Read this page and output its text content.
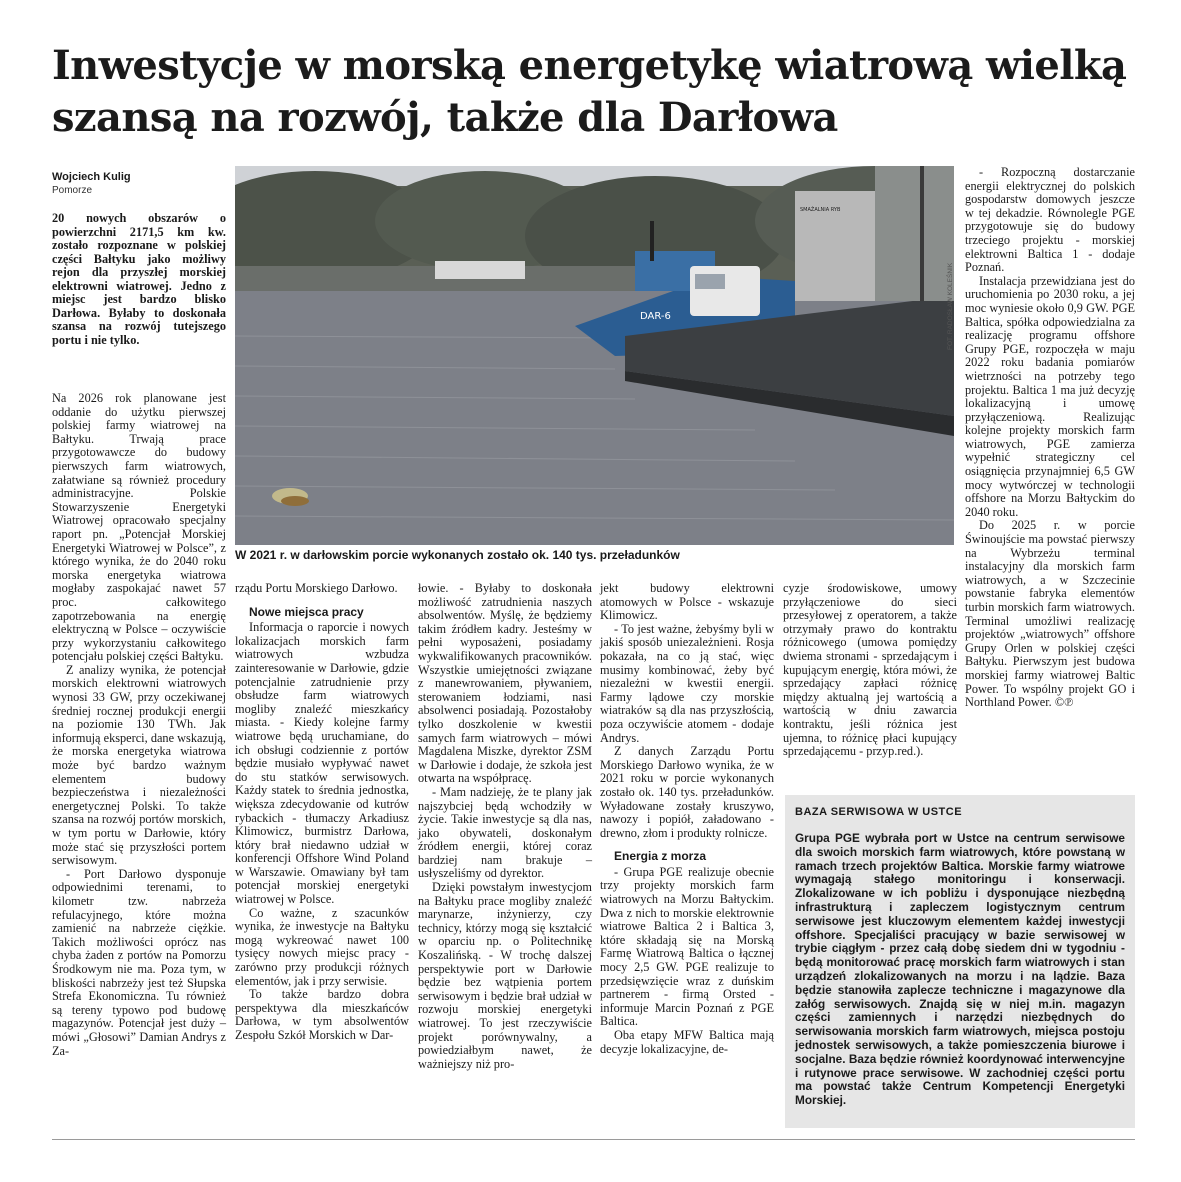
Inwestycje w morską energetykę wiatrową wielką szansą na rozwój, także dla Darłowa
Wojciech Kulig
Pomorze

20 nowych obszarów o powierzchni 2171,5 km kw. zostało rozpoznane w polskiej części Bałtyku jako możliwy rejon dla przyszłej morskiej elektrowni wiatrowej. Jedno z miejsc jest bardzo blisko Darłowa. Byłaby to doskonała szansa na rozwój tutejszego portu i nie tylko.

Na 2026 rok planowane jest oddanie do użytku pierwszej polskiej farmy wiatrowej na Bałtyku. Trwają prace przygotowawcze do budowy pierwszych farm wiatrowych, załatwiane są również procedury administracyjne. Polskie Stowarzyszenie Energetyki Wiatrowej opracowało specjalny raport pn. „Potencjał Morskiej Energetyki Wiatrowej w Polsce”, z którego wynika, że do 2040 roku morska energetyka wiatrowa mogłaby zaspokajać nawet 57 proc. całkowitego zapotrzebowania na energię elektryczną w Polsce – oczywiście przy wykorzystaniu całkowitego potencjału polskiej części Bałtyku.

Z analizy wynika, że potencjał morskich elektrowni wiatrowych wynosi 33 GW, przy oczekiwanej średniej rocznej produkcji energii na poziomie 130 TWh. Jak informują eksperci, dane wskazują, że morska energetyka wiatrowa może być bardzo ważnym elementem budowy bezpieczeństwa i niezależności energetycznej Polski. To także szansa na rozwój portów morskich, w tym portu w Darłowie, który może stać się przyszłości portem serwisowym.

- Port Darłowo dysponuje odpowiednimi terenami, to kilometr tzw. nabrzeża refulacyjnego, które można zamienić na nabrzeże ciężkie. Takich możliwości oprócz nas chyba żaden z portów na Pomorzu Środkowym nie ma. Poza tym, w bliskości nabrzeży jest też Słupska Strefa Ekonomiczna. Tu również są tereny typowo pod budowę magazynów. Potencjał jest duży – mówi „Głosowi” Damian Andrys z Za-

DAR-6
SMAŻALNIA RYB
FOT. RADOSŁAW KOLEŚNIK
W 2021 r. w darłowskim porcie wykonanych zostało ok. 140 tys. przeładunków

rządu Portu Morskiego Darłowo.

Nowe miejsca pracy

Informacja o raporcie i nowych lokalizacjach morskich farm wiatrowych wzbudza zainteresowanie w Darłowie, gdzie potencjalnie zatrudnienie przy obsłudze farm wiatrowych mogliby znaleźć mieszkańcy miasta. - Kiedy kolejne farmy wiatrowe będą uruchamiane, do ich obsługi codziennie z portów będzie musiało wypływać nawet do stu statków serwisowych. Każdy statek to średnia jednostka, większa zdecydowanie od kutrów rybackich - tłumaczy Arkadiusz Klimowicz, burmistrz Darłowa, który brał niedawno udział w konferencji Offshore Wind Poland w Warszawie. Omawiany był tam potencjał morskiej energetyki wiatrowej w Polsce.

Co ważne, z szacunków wynika, że inwestycje na Bałtyku mogą wykreować nawet 100 tysięcy nowych miejsc pracy - zarówno przy produkcji różnych elementów, jak i przy serwisie.

To także bardzo dobra perspektywa dla mieszkańców Darłowa, w tym absolwentów Zespołu Szkół Morskich w Dar-

łowie. - Byłaby to doskonała możliwość zatrudnienia naszych absolwentów. Myślę, że będziemy takim źródłem kadry. Jesteśmy w pełni wyposażeni, posiadamy wykwalifikowanych pracowników. Wszystkie umiejętności związane z manewrowaniem, pływaniem, sterowaniem łodziami, nasi absolwenci posiadają. Pozostałoby tylko doszkolenie w kwestii samych farm wiatrowych – mówi Magdalena Miszke, dyrektor ZSM w Darłowie i dodaje, że szkoła jest otwarta na współpracę.

- Mam nadzieję, że te plany jak najszybciej będą wchodziły w życie. Takie inwestycje są dla nas, jako obywateli, doskonałym źródłem energii, której coraz bardziej nam brakuje – usłyszeliśmy od dyrektor.

Dzięki powstałym inwestycjom na Bałtyku prace mogliby znaleźć marynarze, inżynierzy, czy technicy, którzy mogą się kształcić w oparciu np. o Politechnikę Koszalińską. - W trochę dalszej perspektywie port w Darłowie będzie bez wątpienia portem serwisowym i będzie brał udział w rozwoju morskiej energetyki wiatrowej. To jest rzeczywiście projekt porównywalny, a powiedziałbym nawet, że ważniejszy niż pro-

jekt budowy elektrowni atomowych w Polsce - wskazuje Klimowicz.

- To jest ważne, żebyśmy byli w jakiś sposób uniezależnieni. Rosja pokazała, na co ją stać, więc musimy kombinować, żeby być niezależni w kwestii energii. Farmy lądowe czy morskie wiatraków są dla nas przyszłością, poza oczywiście atomem - dodaje Andrys.

Z danych Zarządu Portu Morskiego Darłowo wynika, że w 2021 roku w porcie wykonanych zostało ok. 140 tys. przeładunków. Wyładowane zostały kruszywo, nawozy i popiół, załadowano - drewno, złom i produkty rolnicze.

Energia z morza

- Grupa PGE realizuje obecnie trzy projekty morskich farm wiatrowych na Morzu Bałtyckim. Dwa z nich to morskie elektrownie wiatrowe Baltica 2 i Baltica 3, które składają się na Morską Farmę Wiatrową Baltica o łącznej mocy 2,5 GW. PGE realizuje to przedsięwzięcie wraz z duńskim partnerem - firmą Orsted - informuje Marcin Poznań z PGE Baltica.

Oba etapy MFW Baltica mają decyzje lokalizacyjne, de-

cyzje środowiskowe, umowy przyłączeniowe do sieci przesyłowej z operatorem, a także otrzymały prawo do kontraktu różnicowego (umowa pomiędzy dwiema stronami - sprzedającym i kupującym energię, która mówi, że sprzedający zapłaci różnicę między aktualną jej wartością a wartością w dniu zawarcia kontraktu, jeśli różnica jest ujemna, to różnicę płaci kupujący sprzedającemu - przyp.red.).

- Rozpoczną dostarczanie energii elektrycznej do polskich gospodarstw domowych jeszcze w tej dekadzie. Równolegle PGE przygotowuje się do budowy trzeciego projektu - morskiej elektrowni Baltica 1 - dodaje Poznań.

Instalacja przewidziana jest do uruchomienia po 2030 roku, a jej moc wyniesie około 0,9 GW. PGE Baltica, spółka odpowiedzialna za realizację programu offshore Grupy PGE, rozpoczęła w maju 2022 roku badania pomiarów wietrzności na potrzeby tego projektu. Baltica 1 ma już decyzję lokalizacyjną i umowę przyłączeniową. Realizując kolejne projekty morskich farm wiatrowych, PGE zamierza wypełnić strategiczny cel osiągnięcia przynajmniej 6,5 GW mocy wytwórczej w technologii offshore na Morzu Bałtyckim do 2040 roku.

Do 2025 r. w porcie Świnoujście ma powstać pierwszy na Wybrzeżu terminal instalacyjny dla morskich farm wiatrowych, a w Szczecinie powstanie fabryka elementów turbin morskich farm wiatrowych. Terminal umożliwi realizację projektów „wiatrowych” offshore Grupy Orlen w polskiej części Bałtyku. Pierwszym jest budowa morskiej farmy wiatrowej Baltic Power. To wspólny projekt GO i Northland Power. ©℗

BAZA SERWISOWA W USTCE

Grupa PGE wybrała port w Ustce na centrum serwisowe dla swoich morskich farm wiatrowych, które powstaną w ramach trzech projektów Baltica. Morskie farmy wiatrowe wymagają stałego monitoringu i konserwacji. Zlokalizowane w ich pobliżu i dysponujące niezbędną infrastrukturą i zapleczem logistycznym centrum serwisowe jest kluczowym elementem każdej inwestycji offshore. Specjaliści pracujący w bazie serwisowej w trybie ciągłym - przez całą dobę siedem dni w tygodniu - będą monitorować pracę morskich farm wiatrowych i stan urządzeń zlokalizowanych na morzu i na lądzie. Baza będzie stanowiła zaplecze techniczne i magazynowe dla załóg serwisowych. Znajdą się w niej m.in. magazyn części zamiennych i narzędzi niezbędnych do serwisowania morskich farm wiatrowych, miejsca postoju jednostek serwisowych, a także pomieszczenia biurowe i socjalne. Baza będzie również koordynować interwencyjne i rutynowe prace serwisowe. W zachodniej części portu ma powstać także Centrum Kompetencji Energetyki Morskiej.
